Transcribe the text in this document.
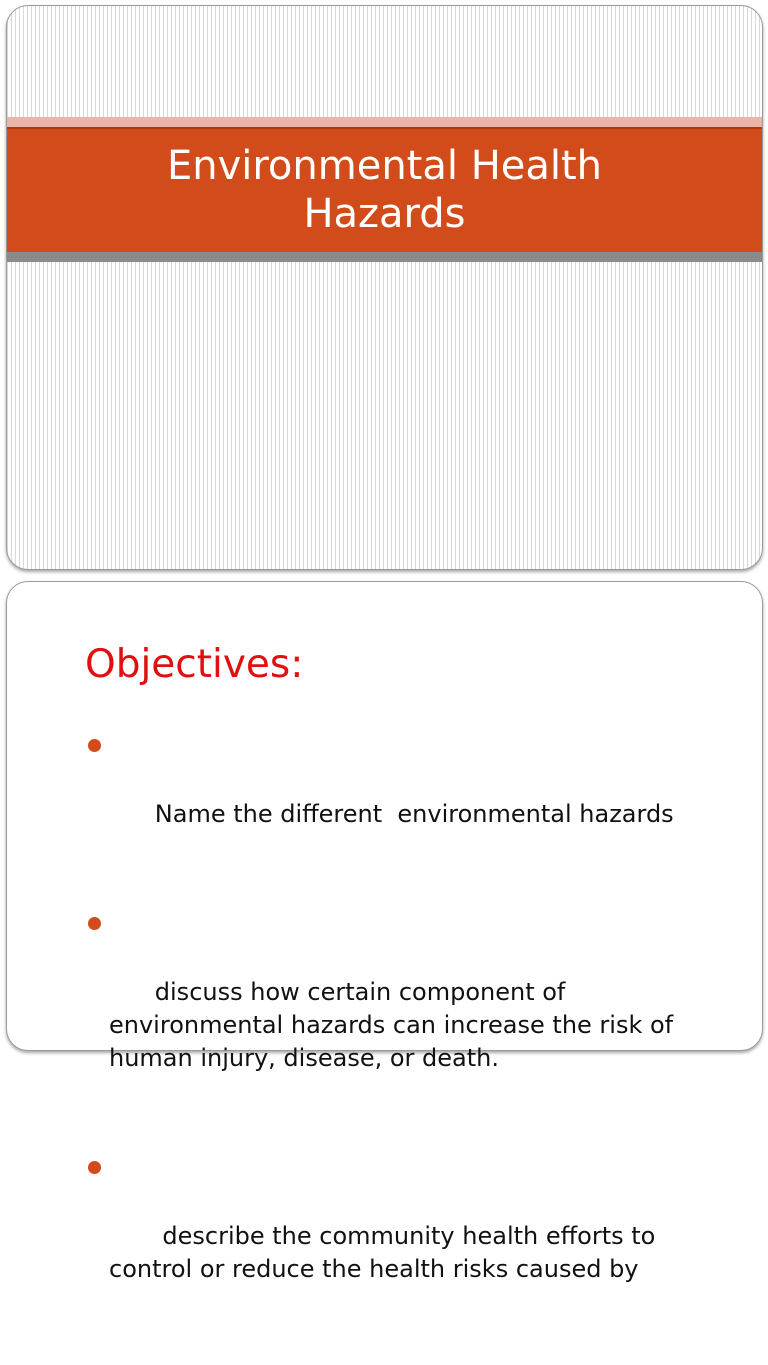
Environmental Health
Hazards
Objectives:

Name the different  environmental hazards

discuss how certain component of environmental hazards can increase the risk of human injury, disease, or death.

describe the community health efforts to control or reduce the health risks caused by
